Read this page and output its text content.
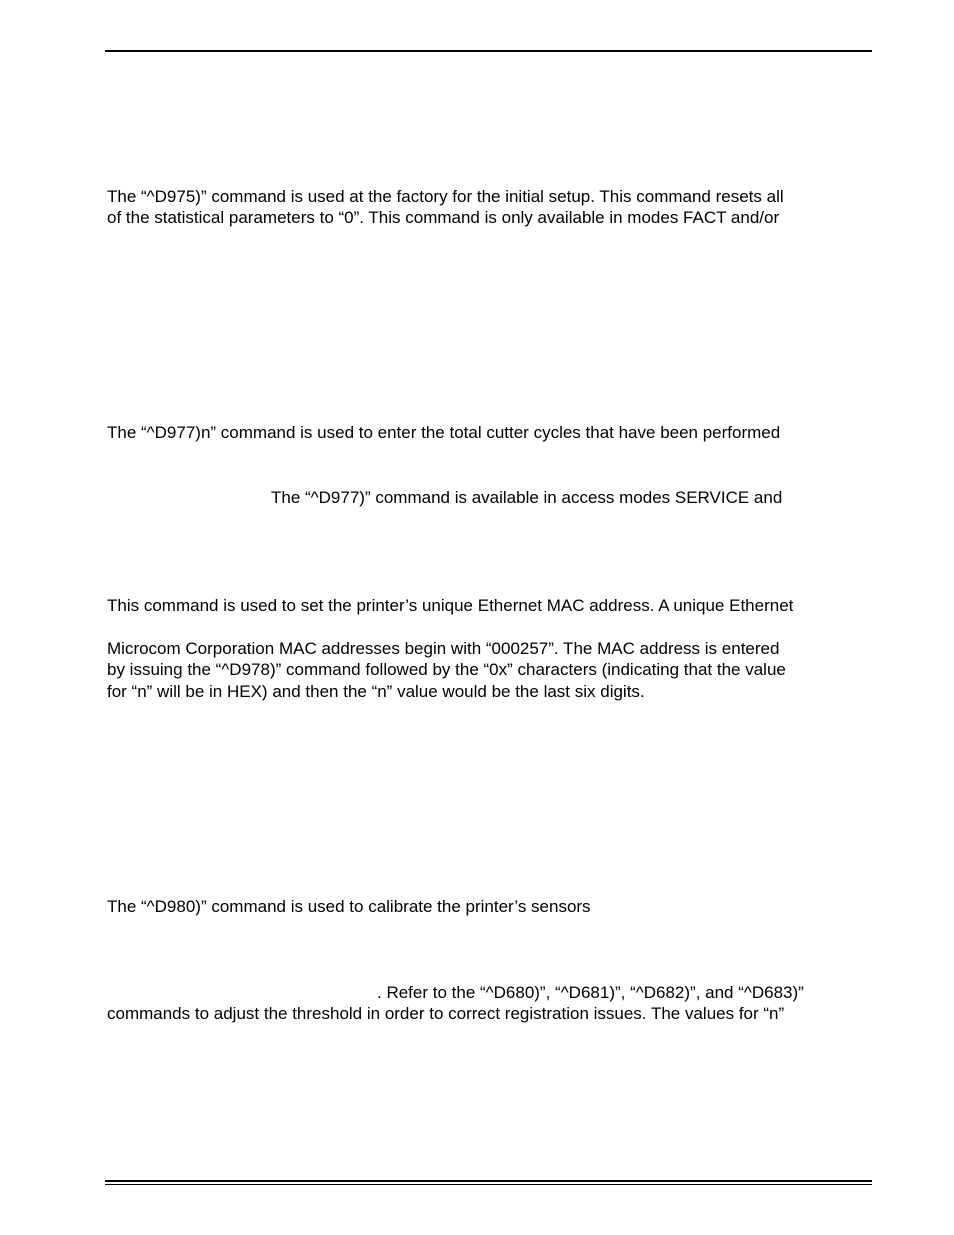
The “^D975)” command is used at the factory for the initial setup. This command resets all
of the statistical parameters to “0”. This command is only available in modes FACT and/or
The “^D977)n” command is used to enter the total cutter cycles that have been performed
The “^D977)” command is available in access modes SERVICE and
This command is used to set the printer’s unique Ethernet MAC address. A unique Ethernet
Microcom Corporation MAC addresses begin with “000257”. The MAC address is entered
by issuing the “^D978)” command followed by the “0x” characters (indicating that the value
for “n” will be in HEX) and then the “n” value would be the last six digits.
The “^D980)” command is used to calibrate the printer’s sensors
. Refer to the “^D680)”, “^D681)”, “^D682)”, and “^D683)”
commands to adjust the threshold in order to correct registration issues. The values for “n”
